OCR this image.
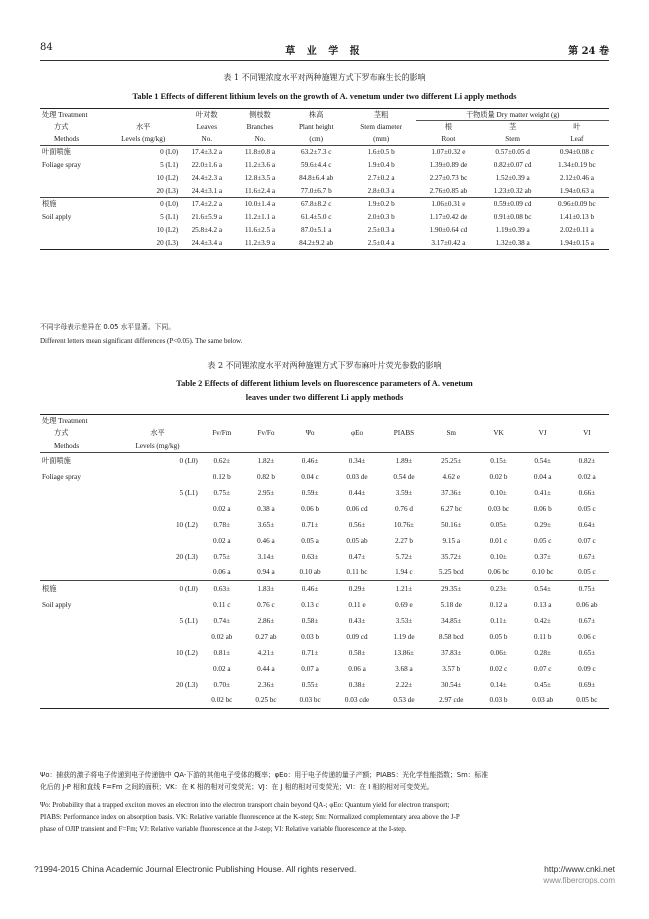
84	草 业 学 报	第 24 卷
表 1 不同锂浓度水平对两种施锂方式下罗布麻生长的影响
Table 1 Effects of different lithium levels on the growth of A. venetum under two different Li apply methods
处理 Treatment		叶对数	侧枝数	株高	茎粗	干物质量 Dry matter weight (g)		
方式	水平	Leaves	Branches	Plant height	Stem diameter	根	茎	叶
Methods	Levels (mg/kg)	No.	No.	(cm)	(mm)	Root	Stem	Leaf
叶面喷施	0 (L0)	17.4±3.2 a	11.8±0.8 a	63.2±7.3 c	1.6±0.5 b	1.07±0.32 e	0.57±0.05 d	0.94±0.08 c
Foliage spray	5 (L1)	22.0±1.6 a	11.2±3.6 a	59.6±4.4 c	1.9±0.4 b	1.39±0.89 de	0.82±0.07 cd	1.34±0.19 bc
	10 (L2)	24.4±2.3 a	12.8±3.5 a	84.8±6.4 ab	2.7±0.2 a	2.27±0.73 bc	1.52±0.39 a	2.12±0.46 a
	20 (L3)	24.4±3.1 a	11.6±2.4 a	77.0±6.7 b	2.8±0.3 a	2.76±0.85 ab	1.23±0.32 ab	1.94±0.63 a
根施	0 (L0)	17.4±2.2 a	10.0±1.4 a	67.8±8.2 c	1.9±0.2 b	1.06±0.31 e	0.59±0.09 cd	0.96±0.09 bc
Soil apply	5 (L1)	21.6±5.9 a	11.2±1.1 a	61.4±5.0 c	2.0±0.3 b	1.17±0.42 de	0.91±0.08 bc	1.41±0.13 b
	10 (L2)	25.8±4.2 a	11.6±2.5 a	87.0±5.1 a	2.5±0.3 a	1.90±0.64 cd	1.19±0.39 a	2.02±0.11 a
	20 (L3)	24.4±3.4 a	11.2±3.9 a	84.2±9.2 ab	2.5±0.4 a	3.17±0.42 a	1.32±0.38 a	1.94±0.15 a
不同字母表示差异在 0.05 水平显著。下同。
Different letters mean significant differences (P<0.05). The same below.
表 2 不同锂浓度水平对两种施锂方式下罗布麻叶片荧光参数的影响
Table 2 Effects of different lithium levels on fluorescence parameters of A. venetum
leaves under two different Li apply methods
处理 Treatment										
方式	水平	Fv/Fm	Fv/Fo	Ψo	φEo	PIABS	Sm	VK	VJ	VI
Methods	Levels (mg/kg)									
叶面喷施	0 (L0)	0.62±	1.82±	0.46±	0.34±	1.89±	25.25±	0.15±	0.54±	0.82±
Foliage spray		0.12 b	0.82 b	0.04 c	0.03 de	0.54 de	4.62 e	0.02 b	0.04 a	0.02 a
	5 (L1)	0.75±	2.95±	0.59±	0.44±	3.59±	37.36±	0.10±	0.41±	0.66±
		0.02 a	0.38 a	0.06 b	0.06 cd	0.76 d	6.27 bc	0.03 bc	0.06 b	0.05 c
	10 (L2)	0.78±	3.65±	0.71±	0.56±	10.76±	50.16±	0.05±	0.29±	0.64±
		0.02 a	0.46 a	0.05 a	0.05 ab	2.27 b	9.15 a	0.01 c	0.05 c	0.07 c
	20 (L3)	0.75±	3.14±	0.63±	0.47±	5.72±	35.72±	0.10±	0.37±	0.67±
		0.06 a	0.94 a	0.10 ab	0.11 bc	1.94 c	5.25 bcd	0.06 bc	0.10 bc	0.05 c
根施	0 (L0)	0.63±	1.83±	0.46±	0.29±	1.21±	29.35±	0.23±	0.54±	0.75±
Soil apply		0.11 c	0.76 c	0.13 c	0.11 e	0.69 e	5.18 de	0.12 a	0.13 a	0.06 ab
	5 (L1)	0.74±	2.86±	0.58±	0.43±	3.53±	34.85±	0.11±	0.42±	0.67±
		0.02 ab	0.27 ab	0.03 b	0.09 cd	1.19 de	8.58 bcd	0.05 b	0.11 b	0.06 c
	10 (L2)	0.81±	4.21±	0.71±	0.58±	13.86±	37.83±	0.06±	0.28±	0.65±
		0.02 a	0.44 a	0.07 a	0.06 a	3.68 a	3.57 b	0.02 c	0.07 c	0.09 c
	20 (L3)	0.70±	2.36±	0.55±	0.38±	2.22±	30.54±	0.14±	0.45±	0.69±
		0.02 bc	0.25 bc	0.03 bc	0.03 cde	0.53 de	2.97 cde	0.03 b	0.03 ab	0.05 bc
Ψo：捕获的激子将电子传递到电子传递链中 QA-下游的其他电子受体的概率；φEo：用于电子传递的量子产额；PIABS：光化学性能指数；Sm：标准
化后的 J-P 相和直线 F=Fm 之间的面积；VK：在 K 相的相对可变荧光；VJ：在 J 相的相对可变荧光；VI：在 I 相的相对可变荧光。
Ψo: Probability that a trapped exciton moves an electron into the electron transport chain beyond QA-; φEo: Quantum yield for electron transport;
PIABS: Performance index on absorption basis. VK: Relative variable fluorescence at the K-step; Sm: Normalized complementary area above the J-P
phase of OJIP transient and F=Fm; VJ: Relative variable fluorescence at the J-step; VI: Relative variable fluorescence at the I-step.
?1994-2015 China Academic Journal Electronic Publishing House. All rights reserved.	http://www.cnki.net
www.fibercrops.com
